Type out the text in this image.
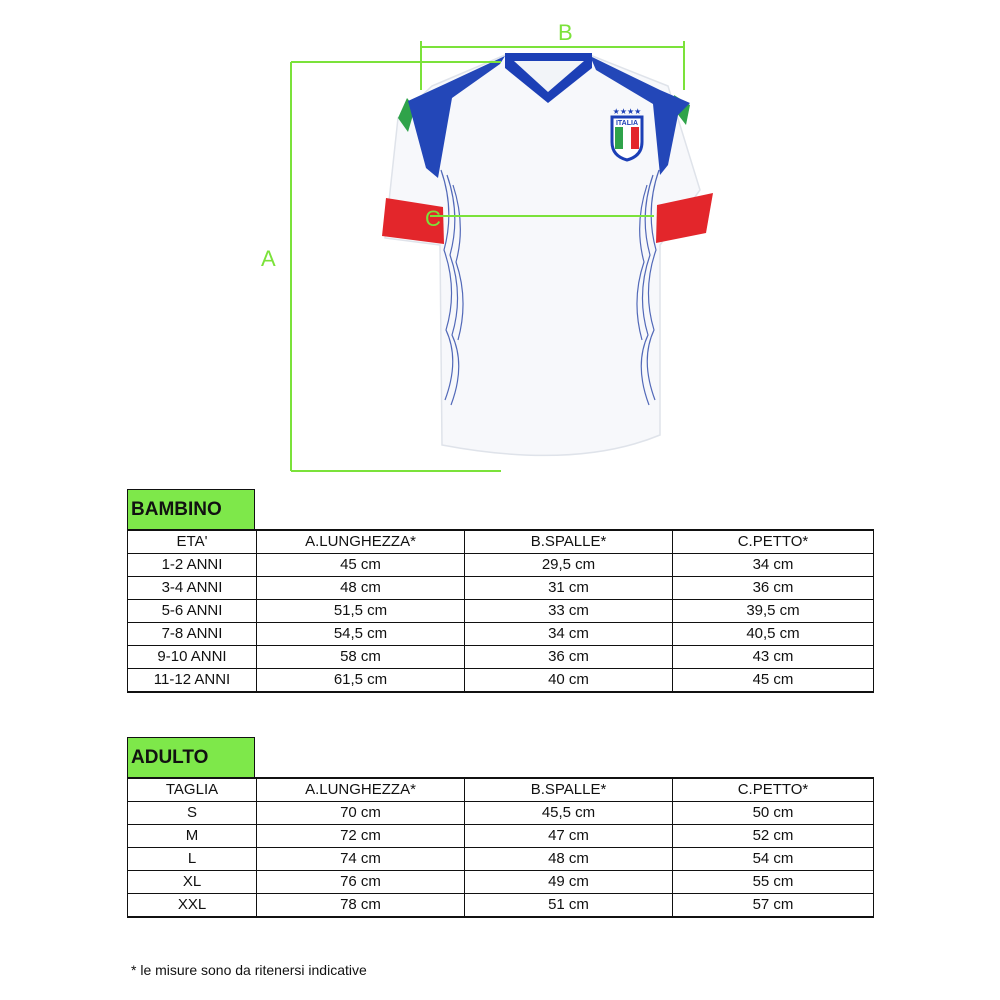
ITALIA
★★★★
A
B
C
BAMBINO
ETA'	A.LUNGHEZZA*	B.SPALLE*	C.PETTO*
1-2 ANNI	45 cm	29,5 cm	34 cm
3-4 ANNI	48 cm	31 cm	36 cm
5-6 ANNI	51,5 cm	33 cm	39,5 cm
7-8 ANNI	54,5 cm	34 cm	40,5 cm
9-10 ANNI	58 cm	36 cm	43 cm
11-12 ANNI	61,5 cm	40 cm	45 cm
ADULTO
TAGLIA	A.LUNGHEZZA*	B.SPALLE*	C.PETTO*
S	70 cm	45,5 cm	50 cm
M	72 cm	47 cm	52 cm
L	74 cm	48 cm	54 cm
XL	76 cm	49 cm	55 cm
XXL	78 cm	51 cm	57 cm
* le misure sono da ritenersi indicative
